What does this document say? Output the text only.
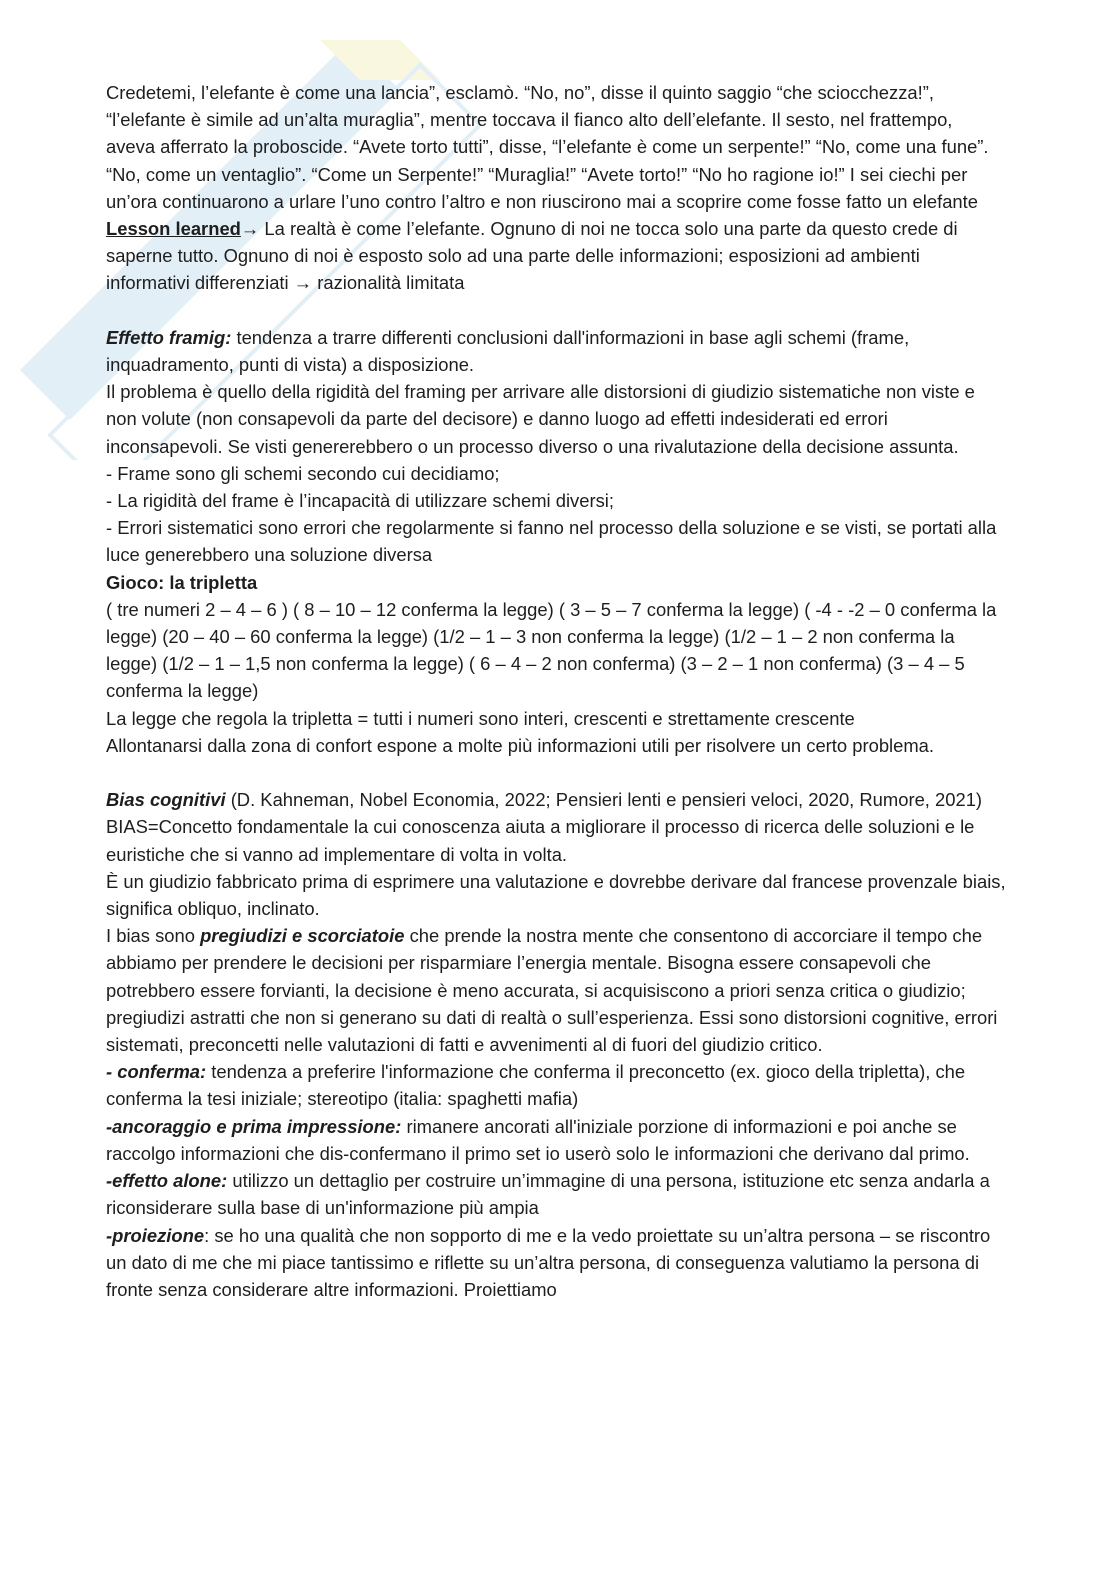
Credetemi, l’elefante è come una lancia”, esclamò. “No, no”, disse il quinto saggio “che sciocchezza!”, “l’elefante è simile ad un’alta muraglia”, mentre toccava il fianco alto dell’elefante. Il sesto, nel frattempo, aveva afferrato la proboscide. “Avete torto tutti”, disse, “l’elefante è come un serpente!” “No, come una fune”. “No, come un ventaglio”. “Come un Serpente!” “Muraglia!” “Avete torto!” “No ho ragione io!” I sei ciechi per un’ora continuarono a urlare l’uno contro l’altro e non riuscirono mai a scoprire come fosse fatto un elefante

Lesson learned→ La realtà è come l’elefante. Ognuno di noi ne tocca solo una parte da questo crede di saperne tutto. Ognuno di noi è esposto solo ad una parte delle informazioni; esposizioni ad ambienti informativi differenziati → razionalità limitata

Effetto framig: tendenza a trarre differenti conclusioni dall'informazioni in base agli schemi (frame, inquadramento, punti di vista) a disposizione.

Il problema è quello della rigidità del framing per arrivare alle distorsioni di giudizio sistematiche non viste e non volute (non consapevoli da parte del decisore) e danno luogo ad effetti indesiderati ed errori inconsapevoli. Se visti genererebbero o un processo diverso o una rivalutazione della decisione assunta.

- Frame sono gli schemi secondo cui decidiamo;

- La rigidità del frame è l’incapacità di utilizzare schemi diversi;

- Errori sistematici sono errori che regolarmente si fanno nel processo della soluzione e se visti, se portati alla luce generebbero una soluzione diversa

Gioco: la tripletta

( tre numeri 2 – 4 – 6 ) ( 8 – 10 – 12 conferma la legge) ( 3 – 5 – 7 conferma la legge) ( -4 - -2 – 0 conferma la legge) (20 – 40 – 60 conferma la legge) (1/2 – 1 – 3 non conferma la legge) (1/2 – 1 – 2 non conferma la legge) (1/2 – 1 – 1,5 non conferma la legge) ( 6 – 4 – 2 non conferma) (3 – 2 – 1 non conferma) (3 – 4 – 5 conferma la legge)

La legge che regola la tripletta = tutti i numeri sono interi, crescenti e strettamente crescente

Allontanarsi dalla zona di confort espone a molte più informazioni utili per risolvere un certo problema.

Bias cognitivi (D. Kahneman, Nobel Economia, 2022; Pensieri lenti e pensieri veloci, 2020, Rumore, 2021)

BIAS=Concetto fondamentale la cui conoscenza aiuta a migliorare il processo di ricerca delle soluzioni e le euristiche che si vanno ad implementare di volta in volta.

È un giudizio fabbricato prima di esprimere una valutazione e dovrebbe derivare dal francese provenzale biais, significa obliquo, inclinato.

I bias sono pregiudizi e scorciatoie che prende la nostra mente che consentono di accorciare il tempo che abbiamo per prendere le decisioni per risparmiare l’energia mentale. Bisogna essere consapevoli che potrebbero essere forvianti, la decisione è meno accurata, si acquisiscono a priori senza critica o giudizio; pregiudizi astratti che non si generano su dati di realtà o sull’esperienza. Essi sono distorsioni cognitive, errori sistemati, preconcetti nelle valutazioni di fatti e avvenimenti al di fuori del giudizio critico.

- conferma: tendenza a preferire l'informazione che conferma il preconcetto (ex. gioco della tripletta), che conferma la tesi iniziale; stereotipo (italia: spaghetti mafia)

-ancoraggio e prima impressione: rimanere ancorati all'iniziale porzione di informazioni e poi anche se raccolgo informazioni che dis-confermano il primo set io userò solo le informazioni che derivano dal primo.

-effetto alone: utilizzo un dettaglio per costruire un’immagine di una persona, istituzione etc senza andarla a riconsiderare sulla base di un'informazione più ampia

-proiezione: se ho una qualità che non sopporto di me e la vedo proiettate su un’altra persona – se riscontro un dato di me che mi piace tantissimo e riflette su un’altra persona, di conseguenza valutiamo la persona di fronte senza considerare altre informazioni. Proiettiamo
